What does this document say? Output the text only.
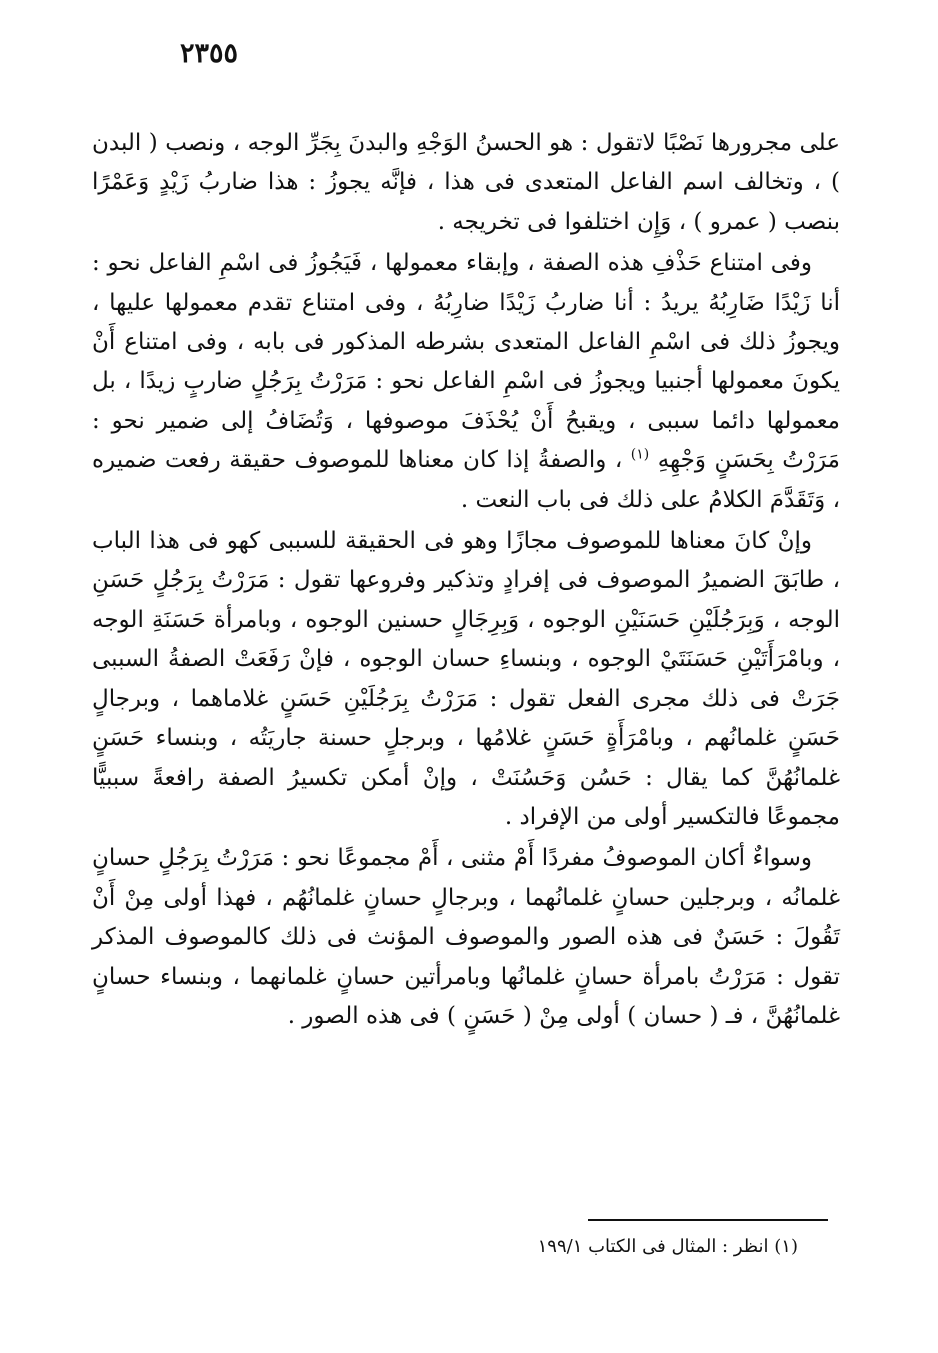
٢٣٥٥

على مجرورها نَصْبًا لاتقول : هو الحسنُ الوَجْهِ والبدنَ بِجَرِّ الوجه ، ونصب ( البدن ) ، وتخالف اسم الفاعل المتعدى فى هذا ، فإنَّه يجوزُ : هذا ضاربُ زَيْدٍ وَعَمْرًا بنصب ( عمرو ) ، وَإِن اختلفوا فى تخريجه .

وفى امتناع حَذْفِ هذه الصفة ، وإبقاء معمولها ، فَيَجُوزُ فى اسْمِ الفاعل نحو : أنا زَيْدًا ضَارِبُهُ يريدُ : أنا ضاربُ زَيْدًا ضارِبُهُ ، وفى امتناع تقدم معمولها عليها ، ويجوزُ ذلك فى اسْمِ الفاعل المتعدى بشرطه المذكور فى بابه ، وفى امتناع أَنْ يكونَ معمولها أجنبيا ويجوزُ فى اسْمِ الفاعل نحو : مَرَرْتُ بِرَجُلٍ ضاربٍ زيدًا ، بل معمولها دائما سببى ، ويقبحُ أَنْ يُحْذَفَ موصوفها ، وَتُضَافُ إلى ضمير نحو : مَرَرْتُ بِحَسَنٍ وَجْهِهِ $^{(١)}$ ، والصفةُ إذا كان معناها للموصوف حقيقة رفعت ضميره ، وَتَقَدَّمَ الكلامُ على ذلك فى باب النعت .

وإنْ كانَ معناها للموصوف مجازًا وهو فى الحقيقة للسببى كهو فى هذا الباب ، طابَقَ الضميرُ الموصوف فى إفرادٍ وتذكير وفروعها تقول : مَرَرْتُ بِرَجُلٍ حَسَنِ الوجه ، وَبِرَجُلَيْنِ حَسَنَيْنِ الوجوه ، وَبِرِجَالٍ حسنين الوجوه ، وبامرأة حَسَنَةِ الوجه ، وبامْرَأَتَيْنِ حَسَنَتَيْ الوجوه ، وبنساءِ حسان الوجوه ، فإنْ رَفَعَتْ الصفةُ السببى جَرَتْ فى ذلك مجرى الفعل تقول : مَرَرْتُ بِرَجُلَيْنِ حَسَنٍ غلاماهما ، وبرجالٍ حَسَنٍ غلمانُهم ، وبامْرَأَةٍ حَسَنٍ غلامُها ، وبرجلٍ حسنة جاريَتُه ، وبنساء حَسَنٍ غلمانُهُنَّ كما يقال : حَسُن وَحَسُنَتْ ، وإنْ أمكن تكسيرُ الصفة رافعةً سببيًّا مجموعًا فالتكسير أولى من الإفراد .

وسواءٌ أكان الموصوفُ مفردًا أَمْ مثنى ، أَمْ مجموعًا نحو : مَرَرْتُ بِرَجُلٍ حسانٍ غلمانُه ، وبرجلين حسانٍ غلمانُهما ، وبرجالٍ حسانٍ غلمانُهُم ، فهذا أولى مِنْ أَنْ تَقُولَ : حَسَنٌ فى هذه الصور والموصوف المؤنث فى ذلك كالموصوف المذكر تقول : مَرَرْتُ بامرأة حسانٍ غلمانُها وبامرأتين حسانٍ غلمانهما ، وبنساء حسانٍ غلمانُهُنَّ ، فـ ( حسان ) أولى مِنْ ( حَسَنٍ ) فى هذه الصور .

(١) انظر : المثال فى الكتاب ١٩٩/١
